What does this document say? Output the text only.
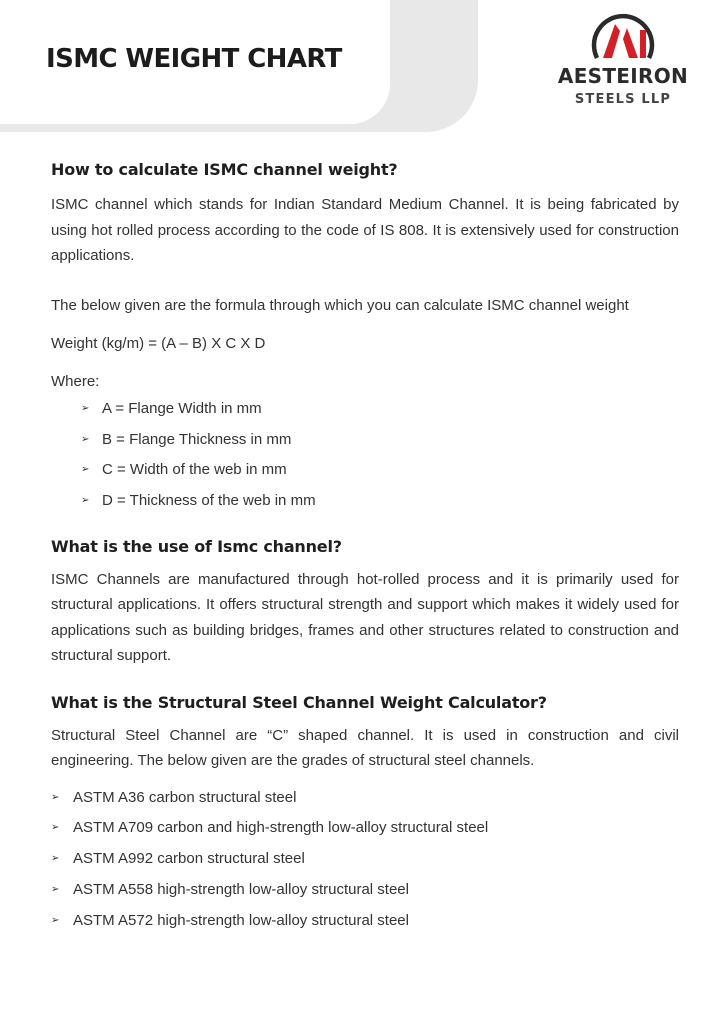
ISMC WEIGHT CHART
AESTEIRON
STEELS LLP
How to calculate ISMC channel weight?

ISMC channel which stands for Indian Standard Medium Channel. It is being fabricated by using hot rolled process according to the code of IS 808. It is extensively used for construction applications.

The below given are the formula through which you can calculate ISMC channel weight

Weight (kg/m) = (A – B) X C X D

Where:

➢ A = Flange Width in mm
➢ B = Flange Thickness in mm
➢ C = Width of the web in mm
➢ D = Thickness of the web in mm
What is the use of Ismc channel?

ISMC Channels are manufactured through hot-rolled process and it is primarily used for structural applications. It offers structural strength and support which makes it widely used for applications such as building bridges, frames and other structures related to construction and structural support.

What is the Structural Steel Channel Weight Calculator?

Structural Steel Channel are “C” shaped channel. It is used in construction and civil engineering. The below given are the grades of structural steel channels.

➢ ASTM A36 carbon structural steel
➢ ASTM A709 carbon and high-strength low-alloy structural steel
➢ ASTM A992 carbon structural steel
➢ ASTM A558 high-strength low-alloy structural steel
➢ ASTM A572 high-strength low-alloy structural steel
